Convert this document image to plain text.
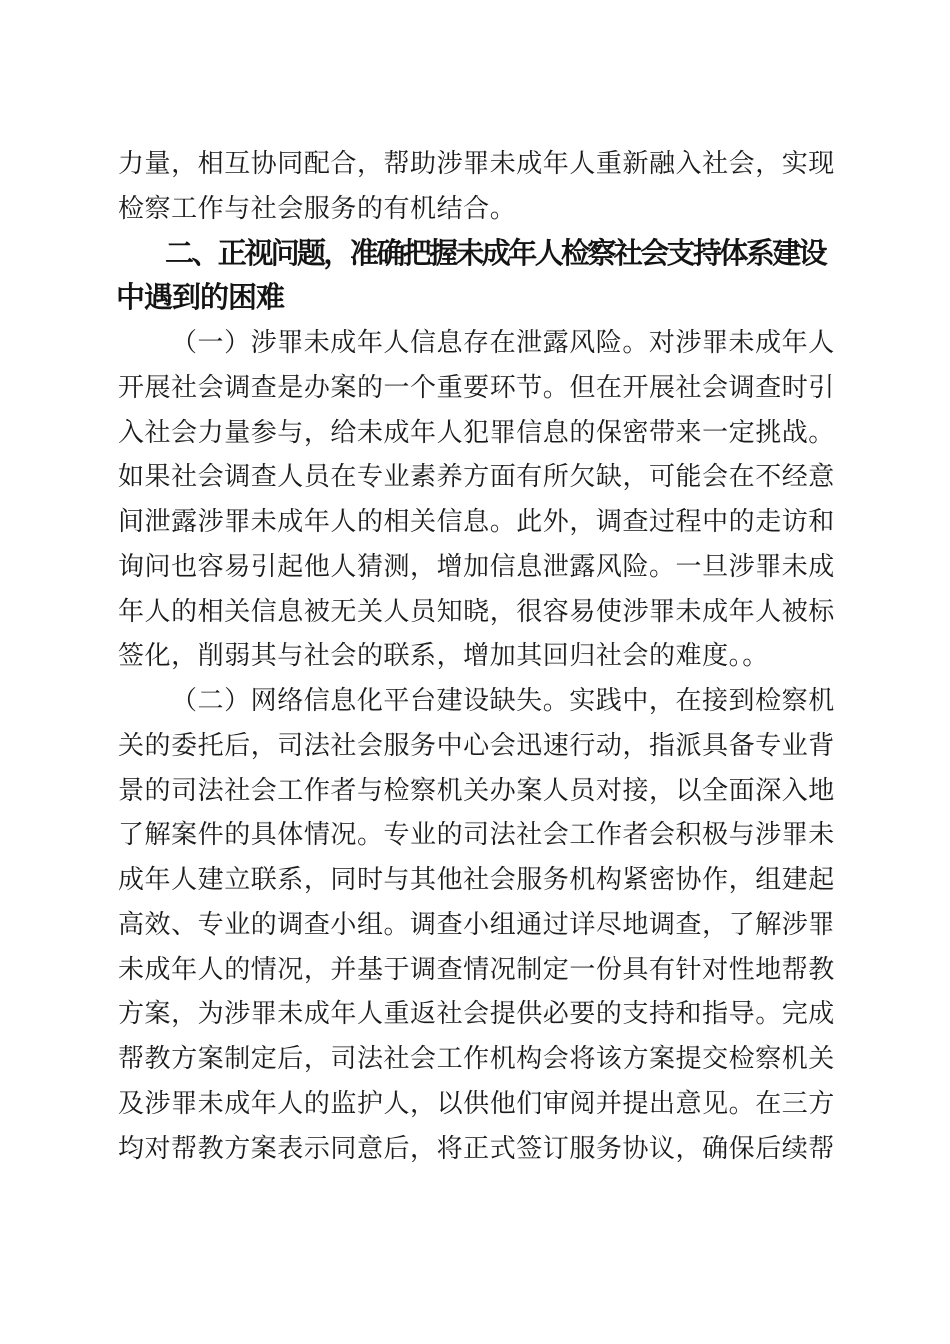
力量，相互协同配合，帮助涉罪未成年人重新融入社会，实现
检察工作与社会服务的有机结合。
二、正视问题，准确把握未成年人检察社会支持体系建设
中遇到的困难
（一）涉罪未成年人信息存在泄露风险。对涉罪未成年人
开展社会调查是办案的一个重要环节。但在开展社会调查时引
入社会力量参与，给未成年人犯罪信息的保密带来一定挑战。
如果社会调查人员在专业素养方面有所欠缺，可能会在不经意
间泄露涉罪未成年人的相关信息。此外，调查过程中的走访和
询问也容易引起他人猜测，增加信息泄露风险。一旦涉罪未成
年人的相关信息被无关人员知晓，很容易使涉罪未成年人被标
签化，削弱其与社会的联系，增加其回归社会的难度。。
（二）网络信息化平台建设缺失。实践中，在接到检察机
关的委托后，司法社会服务中心会迅速行动，指派具备专业背
景的司法社会工作者与检察机关办案人员对接，以全面深入地
了解案件的具体情况。专业的司法社会工作者会积极与涉罪未
成年人建立联系，同时与其他社会服务机构紧密协作，组建起
高效、专业的调查小组。调查小组通过详尽地调查，了解涉罪
未成年人的情况，并基于调查情况制定一份具有针对性地帮教
方案，为涉罪未成年人重返社会提供必要的支持和指导。完成
帮教方案制定后，司法社会工作机构会将该方案提交检察机关
及涉罪未成年人的监护人，以供他们审阅并提出意见。在三方
均对帮教方案表示同意后，将正式签订服务协议，确保后续帮
